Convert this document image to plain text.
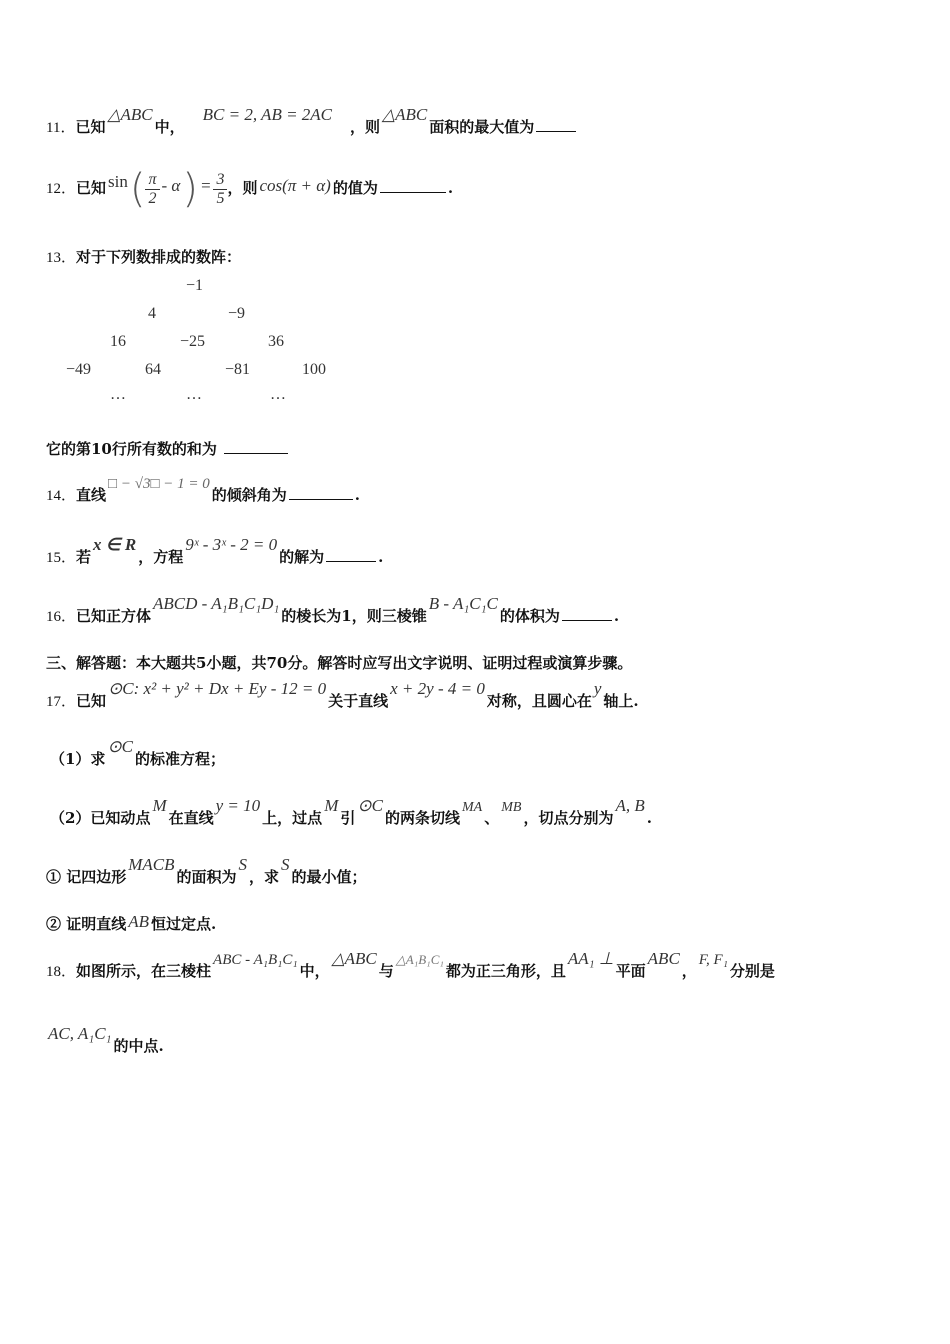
11．已知△ABC中，BC = 2, AB = 2AC，则△ABC面积的最大值为
12．已知 $\sin( \frac{\pi}{2} - \alpha) = \frac{3}{5}$ ，则 cos(π + α) 的值为	.
13．对于下列数排成的数阵：
−1
4	−9
16	−25	36
−49	64	−81	100
…	…	…
它的第10行所有数的和为
14．直线□ − √3□ − 1 = 0的倾斜角为	.
15．若x ∈ R，方程9ˣ - 3ˣ - 2 = 0的解为	.
16．已知正方体ABCD - A₁B₁C₁D₁的棱长为1，则三棱锥B - A₁C₁C的体积为	.
三、解答题：本大题共5小题，共70分。解答时应写出文字说明、证明过程或演算步骤。
17．已知⊙C: x² + y² + Dx + Ey - 12 = 0关于直线x + 2y - 4 = 0对称，且圆心在y轴上.
（1）求⊙C的标准方程；
（2）已知动点M在直线y = 10上，过点M引⊙C的两条切线MA、MB，切点分别为A, B.
① 记四边形MACB的面积为S，求S的最小值；
② 证明直线 AB 恒过定点.
18．如图所示，在三棱柱ABC - A₁B₁C₁中，△ABC与△A₁B₁C₁都为正三角形，且AA₁ ⊥平面ABC，F, F₁分别是
AC, A₁C₁的中点.
